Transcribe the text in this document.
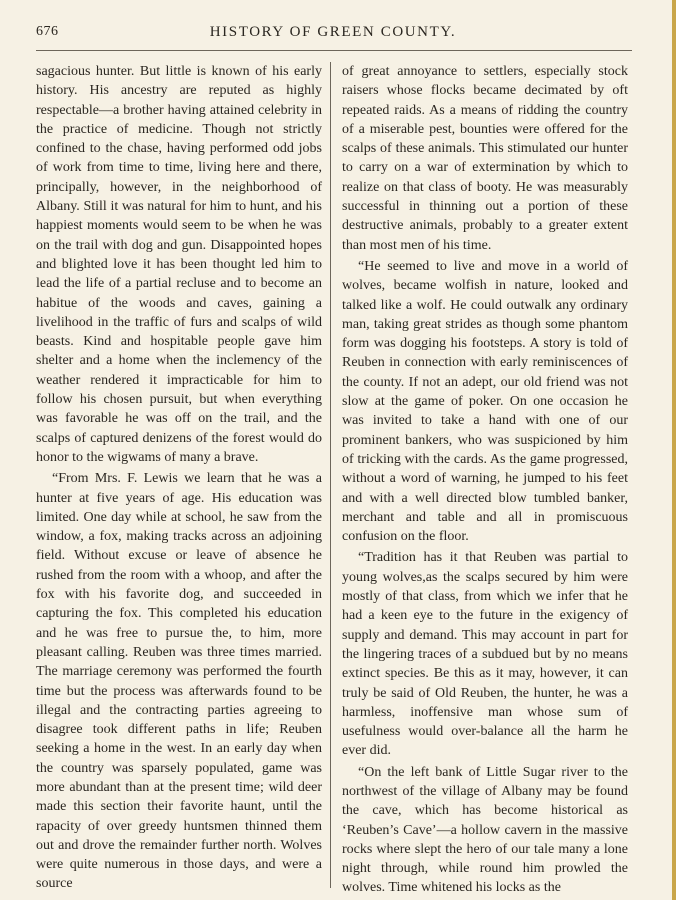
676	HISTORY OF GREEN COUNTY.

sagacious hunter. But little is known of his early history. His ancestry are reputed as highly respectable—a brother having attained celebrity in the practice of medicine. Though not strictly confined to the chase, having performed odd jobs of work from time to time, living here and there, principally, however, in the neighborhood of Albany. Still it was natural for him to hunt, and his happiest moments would seem to be when he was on the trail with dog and gun. Disappointed hopes and blighted love it has been thought led him to lead the life of a partial recluse and to become an habitue of the woods and caves, gaining a livelihood in the traffic of furs and scalps of wild beasts. Kind and hospitable people gave him shelter and a home when the inclemency of the weather rendered it impracticable for him to follow his chosen pursuit, but when everything was favorable he was off on the trail, and the scalps of captured denizens of the forest would do honor to the wigwams of many a brave.

“From Mrs. F. Lewis we learn that he was a hunter at five years of age. His education was limited. One day while at school, he saw from the window, a fox, making tracks across an adjoining field. Without excuse or leave of absence he rushed from the room with a whoop, and after the fox with his favorite dog, and succeeded in capturing the fox. This completed his education and he was free to pursue the, to him, more pleasant calling. Reuben was three times married. The marriage ceremony was performed the fourth time but the process was afterwards found to be illegal and the contracting parties agreeing to disagree took different paths in life; Reuben seeking a home in the west. In an early day when the country was sparsely populated, game was more abundant than at the present time; wild deer made this section their favorite haunt, until the rapacity of over greedy huntsmen thinned them out and drove the remainder further north. Wolves were quite numerous in those days, and were a source

of great annoyance to settlers, especially stock raisers whose flocks became decimated by oft repeated raids. As a means of ridding the country of a miserable pest, bounties were offered for the scalps of these animals. This stimulated our hunter to carry on a war of extermination by which to realize on that class of booty. He was measurably successful in thinning out a portion of these destructive animals, probably to a greater extent than most men of his time.

“He seemed to live and move in a world of wolves, became wolfish in nature, looked and talked like a wolf. He could outwalk any ordinary man, taking great strides as though some phantom form was dogging his footsteps. A story is told of Reuben in connection with early reminiscences of the county. If not an adept, our old friend was not slow at the game of poker. On one occasion he was invited to take a hand with one of our prominent bankers, who was suspicioned by him of tricking with the cards. As the game progressed, without a word of warning, he jumped to his feet and with a well directed blow tumbled banker, merchant and table and all in promiscuous confusion on the floor.

“Tradition has it that Reuben was partial to young wolves,as the scalps secured by him were mostly of that class, from which we infer that he had a keen eye to the future in the exigency of supply and demand. This may account in part for the lingering traces of a subdued but by no means extinct species. Be this as it may, however, it can truly be said of Old Reuben, the hunter, he was a harmless, inoffensive man whose sum of usefulness would over-balance all the harm he ever did.

“On the left bank of Little Sugar river to the northwest of the village of Albany may be found the cave, which has become historical as ‘Reuben’s Cave’—a hollow cavern in the massive rocks where slept the hero of our tale many a lone night through, while round him prowled the wolves. Time whitened his locks as the
